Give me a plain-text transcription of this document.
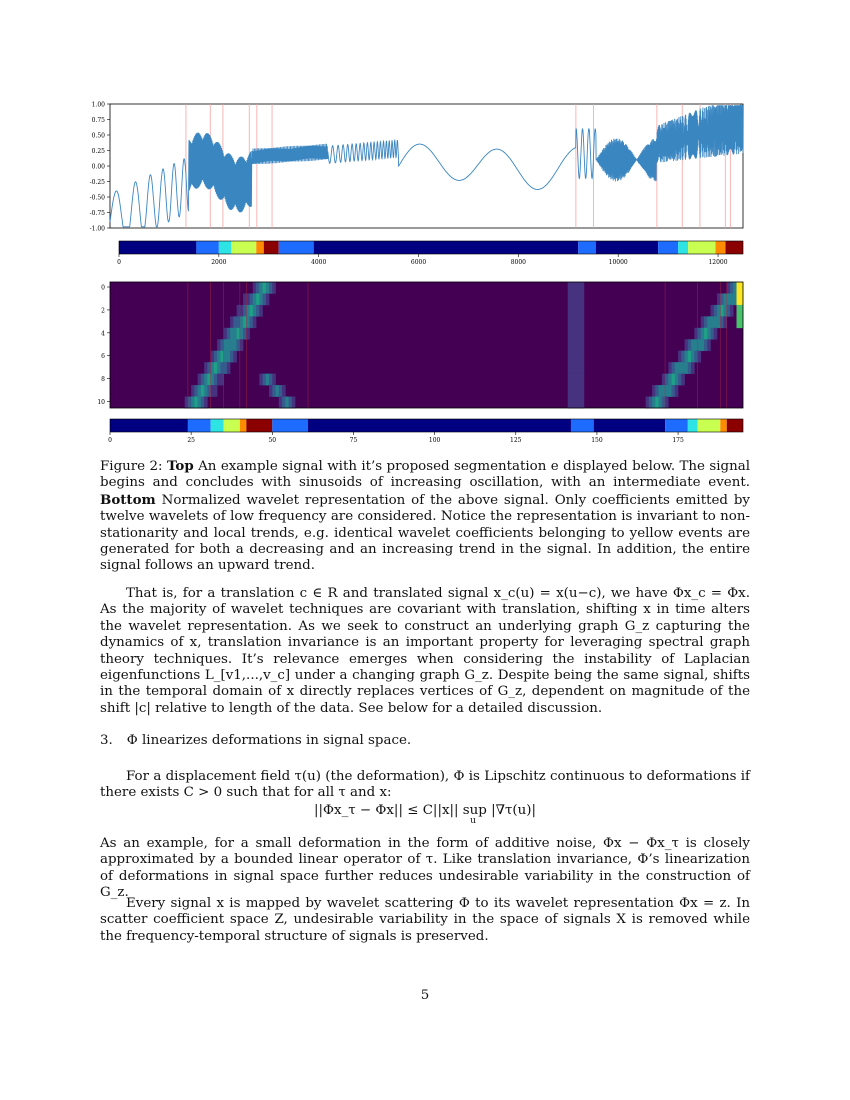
1.00
0.75
0.50
0.25
0.00
-0.25
-0.50
-0.75
-1.00
0	2000	4000	6000	8000	10000	12000
0
2
4
6
8
10
0	25	50	75	100	125	150	175
Figure 2: Top An example signal with it’s proposed segmentation e displayed below. The signal begins and concludes with sinusoids of increasing oscillation, with an intermediate event. Bottom Normalized wavelet representation of the above signal. Only coefficients emitted by twelve wavelets of low frequency are considered. Notice the representation is invariant to non-stationarity and local trends, e.g. identical wavelet coefficients belonging to yellow events are generated for both a decreasing and an increasing trend in the signal. In addition, the entire signal follows an upward trend.
That is, for a translation c ∈ R and translated signal x_c(u) = x(u−c), we have Φx_c = Φx. As the majority of wavelet techniques are covariant with translation, shifting x in time alters the wavelet representation. As we seek to construct an underlying graph G_z capturing the dynamics of x, translation invariance is an important property for leveraging spectral graph theory techniques. It’s relevance emerges when considering the instability of Laplacian eigenfunctions L_[v1,...,v_c] under a changing graph G_z. Despite being the same signal, shifts in the temporal domain of x directly replaces vertices of G_z, dependent on magnitude of the shift |c| relative to length of the data. See below for a detailed discussion.
3. Φ linearizes deformations in signal space.
For a displacement field τ(u) (the deformation), Φ is Lipschitz continuous to deformations if there exists C > 0 such that for all τ and x:
||Φx_τ − Φx|| ≤ C||x|| sup |∇τ(u)|
u
As an example, for a small deformation in the form of additive noise, Φx − Φx_τ is closely approximated by a bounded linear operator of τ. Like translation invariance, Φ’s linearization of deformations in signal space further reduces undesirable variability in the construction of G_z.
Every signal x is mapped by wavelet scattering Φ to its wavelet representation Φx = z. In scatter coefficient space Z, undesirable variability in the space of signals X is removed while the frequency-temporal structure of signals is preserved.
5
